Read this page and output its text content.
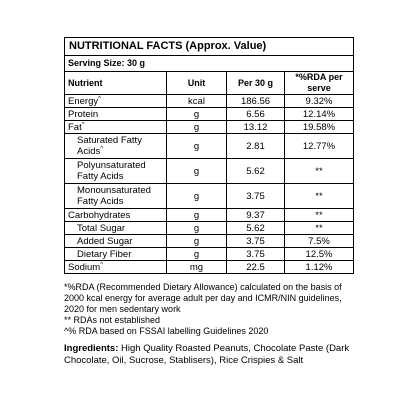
NUTRITIONAL FACTS (Approx. Value)			
Serving Size: 30 g			
Nutrient	Unit	Per 30 g	*%RDA per serve
Energy^	kcal	186.56	9.32%
Protein	g	6.56	12.14%
Fat^	g	13.12	19.58%
Saturated Fatty Acids^	g	2.81	12.77%
Polyunsaturated Fatty Acids	g	5.62	**
Monounsaturated Fatty Acids	g	3.75	**
Carbohydrates	g	9.37	**
Total Sugar	g	5.62	**
Added Sugar	g	3.75	7.5%
Dietary Fiber	g	3.75	12.5%
Sodium^	mg	22.5	1.12%
*%RDA (Recommended Dietary Allowance) calculated on the basis of 2000 kcal energy for average adult per day and ICMR/NIN guidelines, 2020 for men sedentary work
** RDAs not established
^% RDA based on FSSAI labelling Guidelines 2020
Ingredients: High Quality Roasted Peanuts, Chocolate Paste (Dark Chocolate, Oil, Sucrose, Stablisers), Rice Crispies & Salt
